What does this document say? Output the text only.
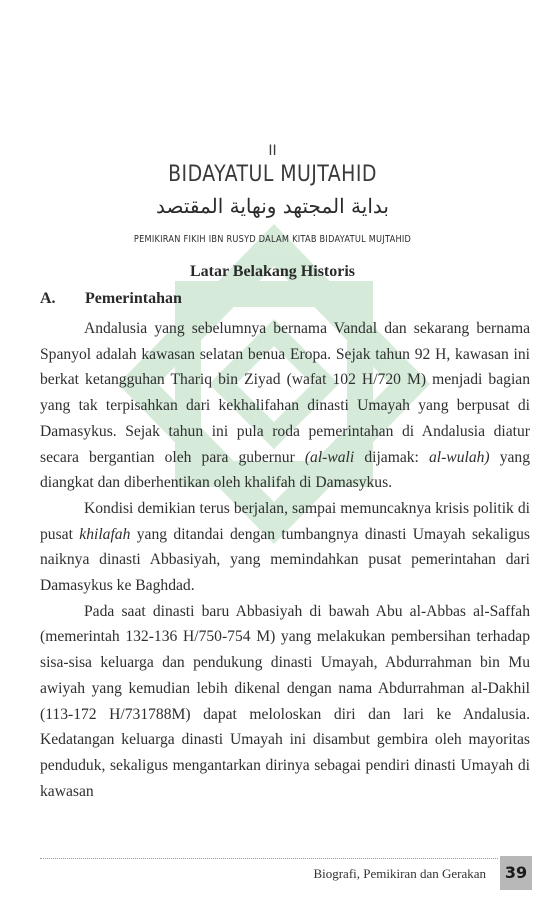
II
BIDAYATUL MUJTAHID
بداية المجتهد ونهاية المقتصد
PEMIKIRAN FIKIH IBN RUSYD DALAM KITAB BIDAYATUL MUJTAHID
Latar Belakang Historis
A. Pemerintahan

Andalusia yang sebelumnya bernama Vandal dan sekarang bernama Spanyol adalah kawasan selatan benua Eropa. Sejak tahun 92 H, kawasan ini berkat ketangguhan Thariq bin Ziyad (wafat 102 H/720 M) menjadi bagian yang tak terpisahkan dari kekhalifahan dinasti Umayah yang berpusat di Damasykus. Sejak tahun ini pula roda pemerintahan di Andalusia diatur secara bergantian oleh para gubernur (al-wali dijamak: al-wulah) yang diangkat dan diberhentikan oleh khalifah di Damasykus.

Kondisi demikian terus berjalan, sampai memuncaknya krisis politik di pusat khilafah yang ditandai dengan tumbangnya dinasti Umayah sekaligus naiknya dinasti Abbasiyah, yang memindahkan pusat pemerintahan dari Damasykus ke Baghdad.

Pada saat dinasti baru Abbasiyah di bawah Abu al-Abbas al-Saffah (memerintah 132-136 H/750-754 M) yang melakukan pembersihan terhadap sisa-sisa keluarga dan pendukung dinasti Umayah, Abdurrahman bin Mu awiyah yang kemudian lebih dikenal dengan nama Abdurrahman al-Dakhil (113-172 H/731788M) dapat meloloskan diri dan lari ke Andalusia. Kedatangan keluarga dinasti Umayah ini disambut gembira oleh mayoritas penduduk, sekaligus mengantarkan dirinya sebagai pendiri dinasti Umayah di kawasan

Biografi, Pemikiran dan Gerakan	39
